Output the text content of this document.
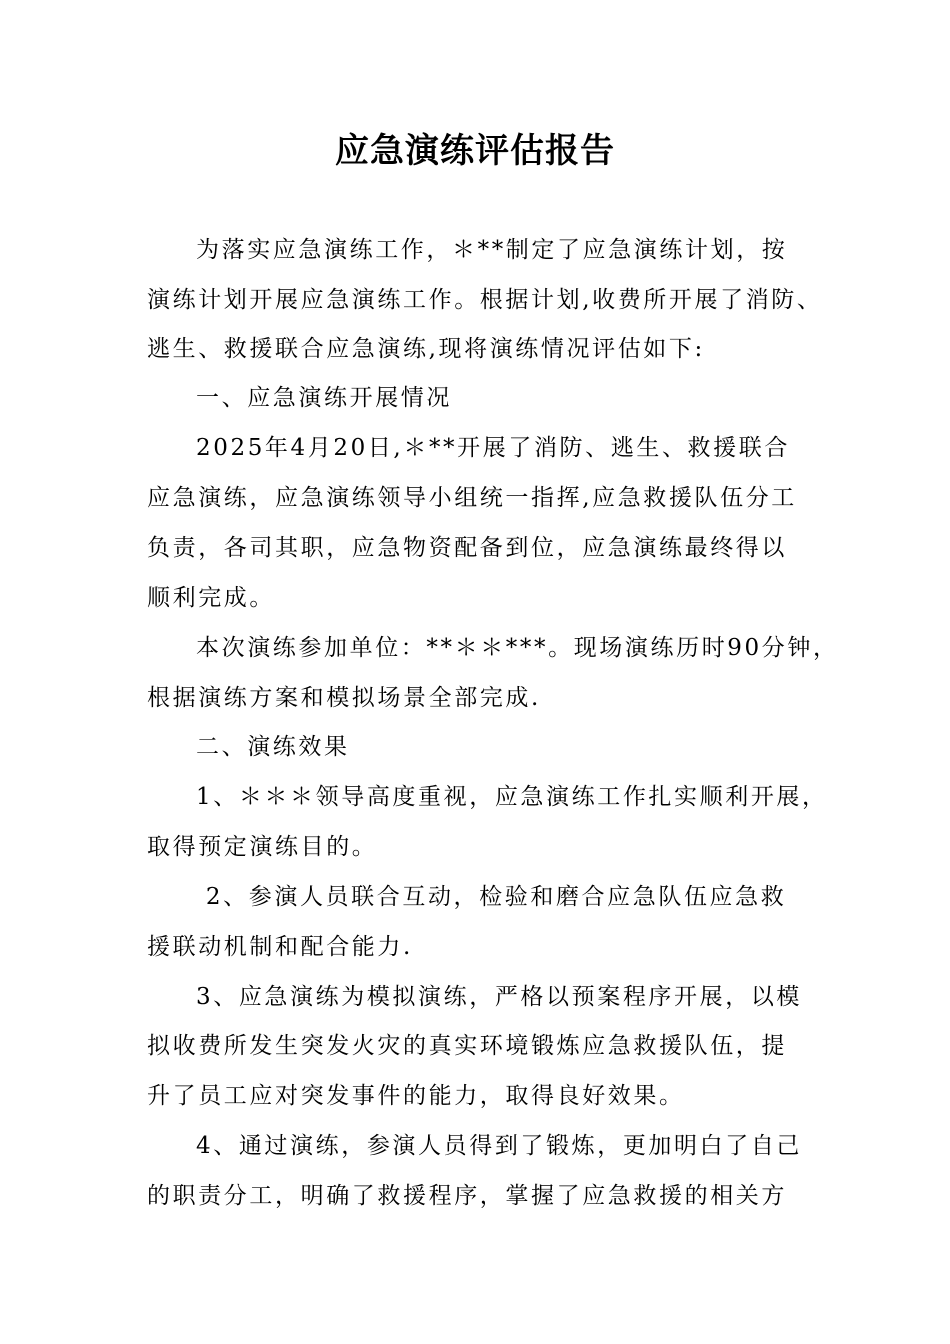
应急演练评估报告
为落实应急演练工作，＊**制定了应急演练计划，按
演练计划开展应急演练工作。根据计划,收费所开展了消防、
逃生、救援联合应急演练,现将演练情况评估如下:
一、应急演练开展情况
2025年4月20日,＊**开展了消防、逃生、救援联合
应急演练，应急演练领导小组统一指挥,应急救援队伍分工
负责，各司其职，应急物资配备到位，应急演练最终得以
顺利完成。
本次演练参加单位：**＊＊***。现场演练历时90分钟，
根据演练方案和模拟场景全部完成.
二、演练效果
1、＊＊＊领导高度重视，应急演练工作扎实顺利开展，
取得预定演练目的。
2、参演人员联合互动，检验和磨合应急队伍应急救
援联动机制和配合能力.
3、应急演练为模拟演练，严格以预案程序开展，以模
拟收费所发生突发火灾的真实环境锻炼应急救援队伍，提
升了员工应对突发事件的能力，取得良好效果。
4、通过演练，参演人员得到了锻炼，更加明白了自己
的职责分工，明确了救援程序，掌握了应急救援的相关方
